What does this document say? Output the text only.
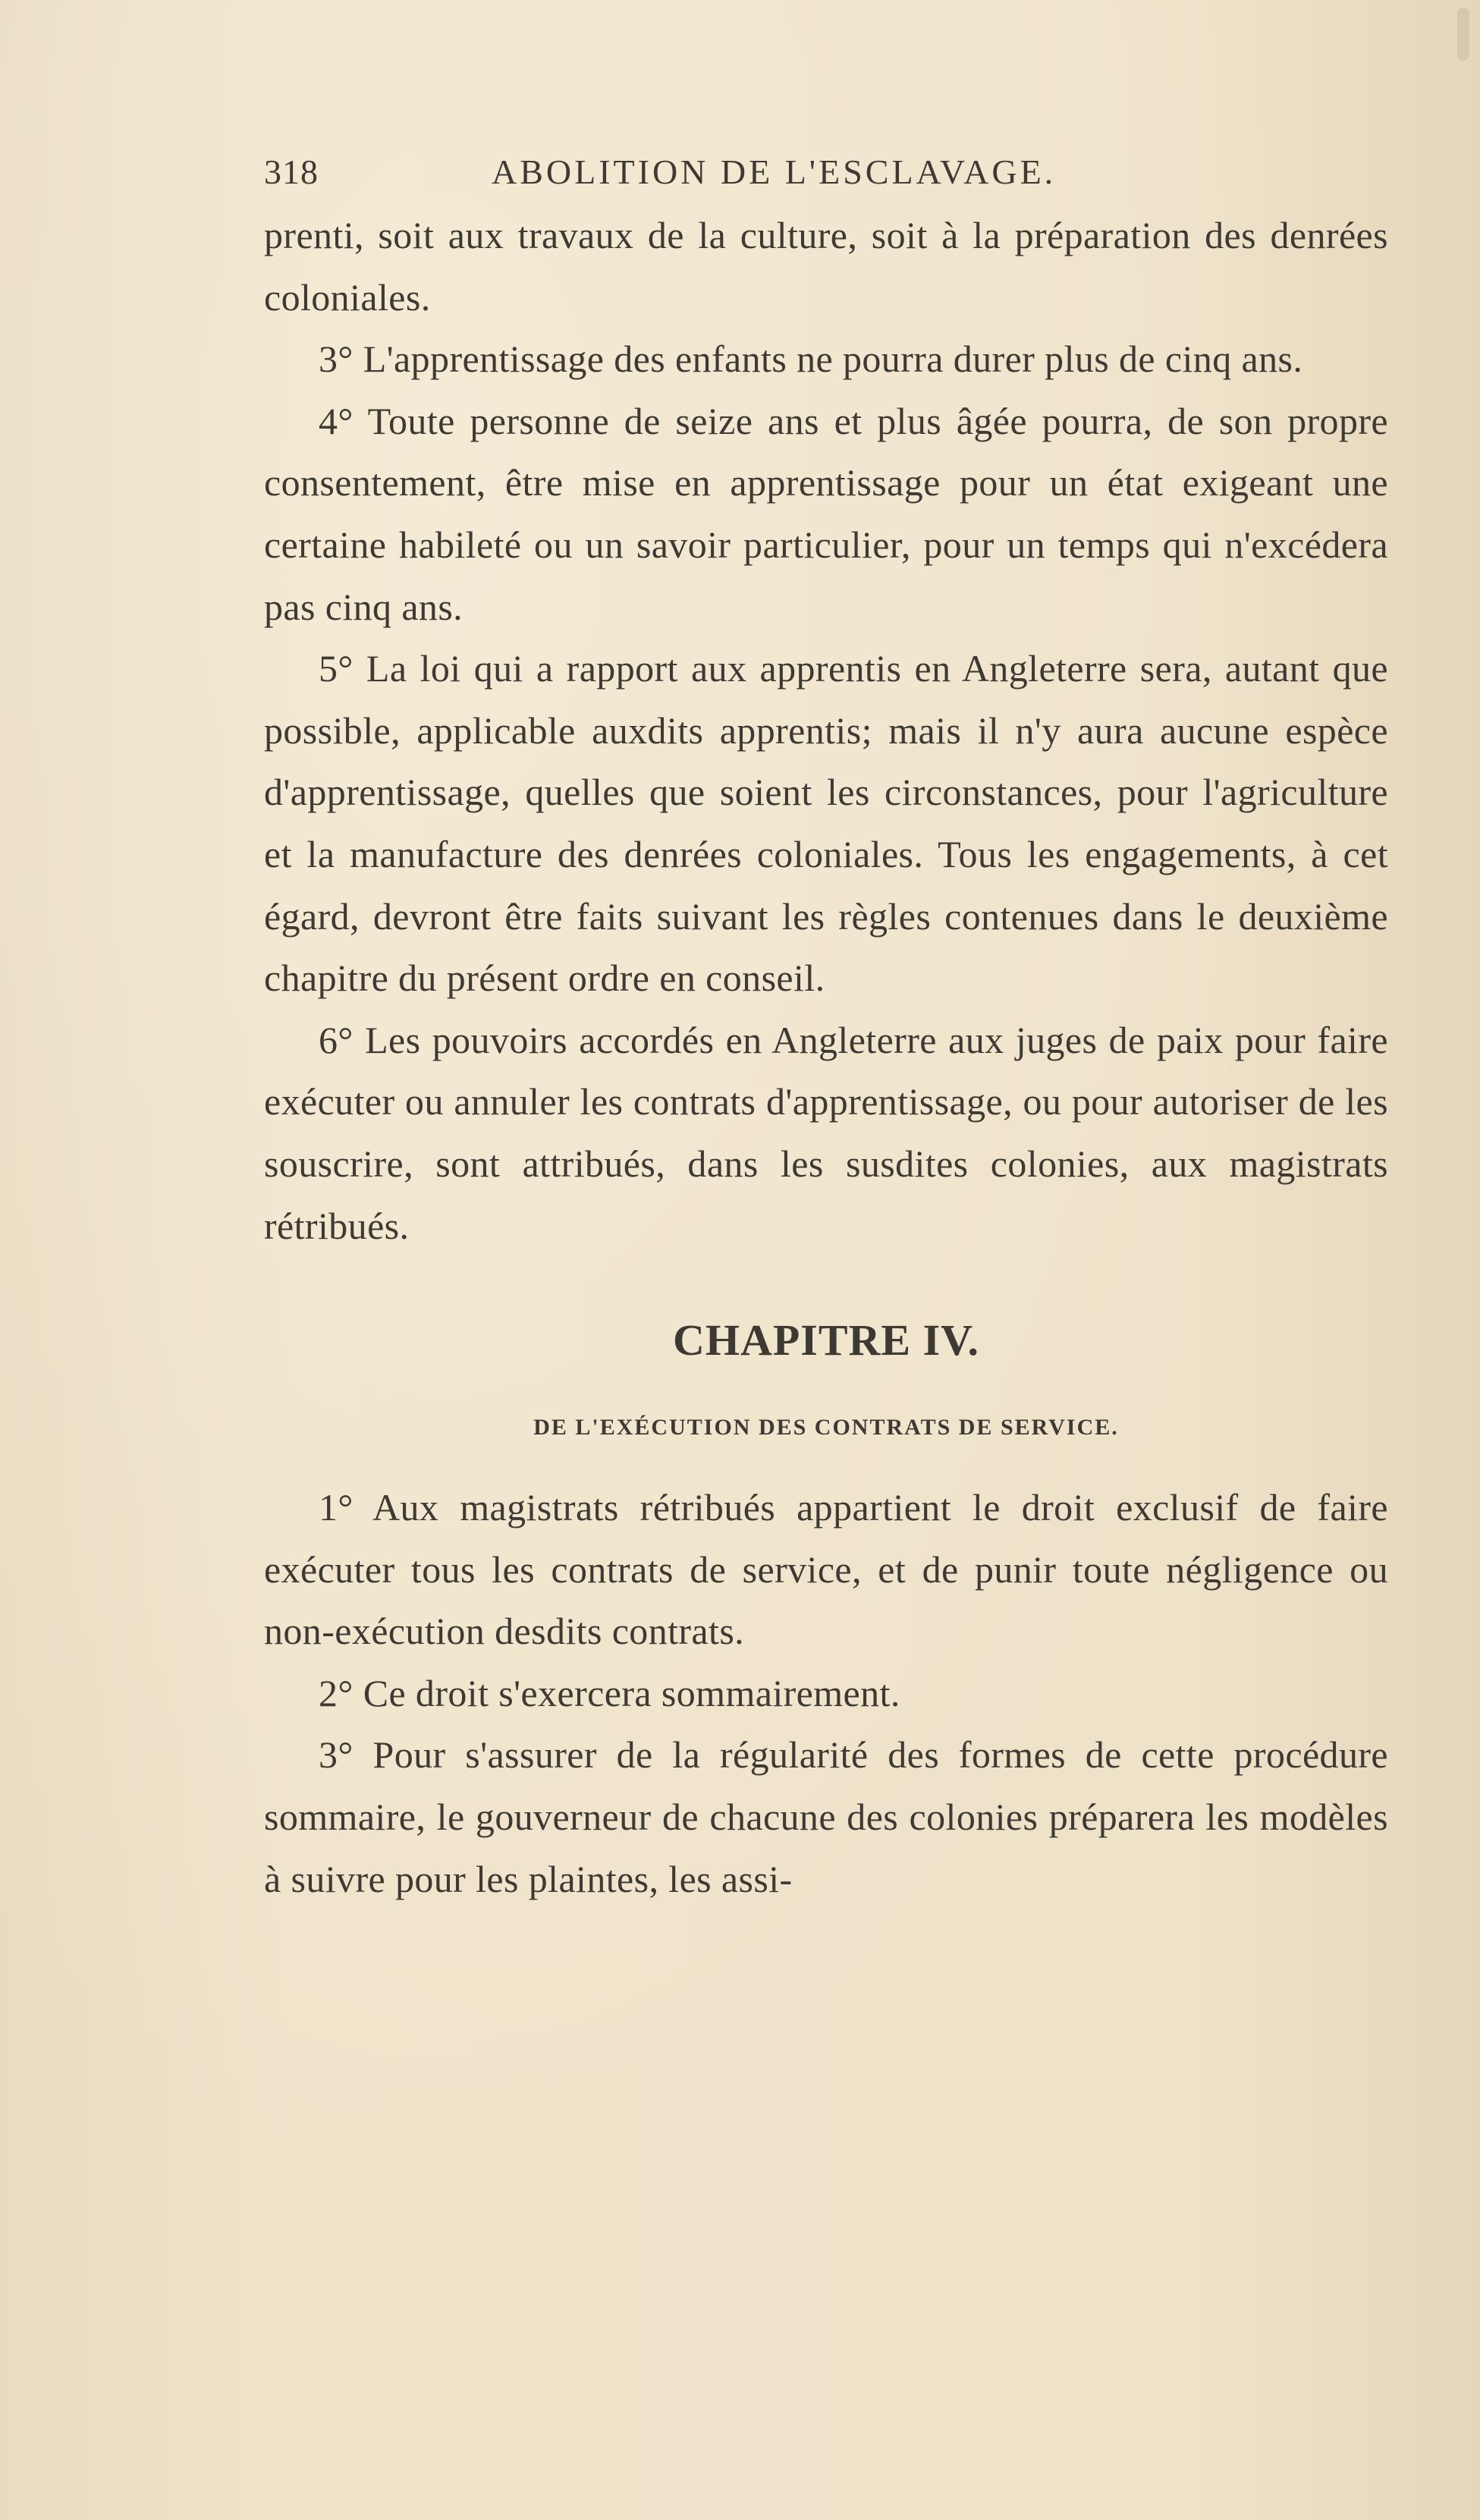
318	ABOLITION DE L'ESCLAVAGE.

prenti, soit aux travaux de la culture, soit à la préparation des denrées coloniales.

3° L'apprentissage des enfants ne pourra durer plus de cinq ans.

4° Toute personne de seize ans et plus âgée pourra, de son propre consentement, être mise en apprentissage pour un état exigeant une certaine habileté ou un savoir particulier, pour un temps qui n'excédera pas cinq ans.

5° La loi qui a rapport aux apprentis en Angleterre sera, autant que possible, applicable auxdits apprentis; mais il n'y aura aucune espèce d'apprentissage, quelles que soient les circonstances, pour l'agriculture et la manufacture des denrées coloniales. Tous les engagements, à cet égard, devront être faits suivant les règles contenues dans le deuxième chapitre du présent ordre en conseil.

6° Les pouvoirs accordés en Angleterre aux juges de paix pour faire exécuter ou annuler les contrats d'apprentissage, ou pour autoriser de les souscrire, sont attribués, dans les susdites colonies, aux magistrats rétribués.

CHAPITRE IV.
DE L'EXÉCUTION DES CONTRATS DE SERVICE.

1° Aux magistrats rétribués appartient le droit exclusif de faire exécuter tous les contrats de service, et de punir toute négligence ou non-exécution desdits contrats.

2° Ce droit s'exercera sommairement.

3° Pour s'assurer de la régularité des formes de cette procédure sommaire, le gouverneur de chacune des colonies préparera les modèles à suivre pour les plaintes, les assi-
